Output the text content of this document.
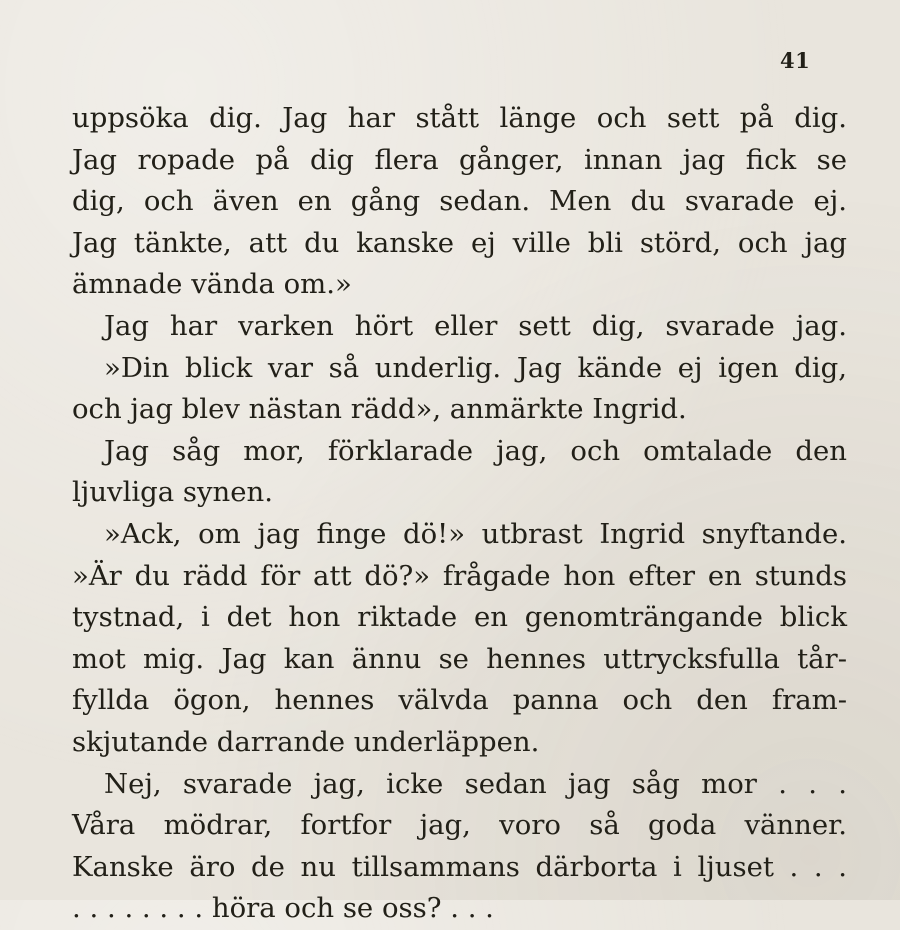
41
uppsöka dig. Jag har stått länge och sett på dig.
Jag ropade på dig flera gånger, innan jag fick se
dig, och även en gång sedan. Men du svarade ej.
Jag tänkte, att du kanske ej ville bli störd, och jag
ämnade vända om.»
Jag har varken hört eller sett dig, svarade jag.
»Din blick var så underlig. Jag kände ej igen dig,
och jag blev nästan rädd», anmärkte Ingrid.
Jag såg mor, förklarade jag, och omtalade den
ljuvliga synen.
»Ack, om jag finge dö!» utbrast Ingrid snyftande.
»Är du rädd för att dö?» frågade hon efter en stunds
tystnad, i det hon riktade en genomträngande blick
mot mig. Jag kan ännu se hennes uttrycksfulla tår-
fyllda ögon, hennes välvda panna och den fram-
skjutande darrande underläppen.
Nej, svarade jag, icke sedan jag såg mor . . .
Våra mödrar, fortfor jag, voro så goda vänner.
Kanske äro de nu tillsammans därborta i ljuset . . .
. . . . . . . . höra och se oss? . . .
